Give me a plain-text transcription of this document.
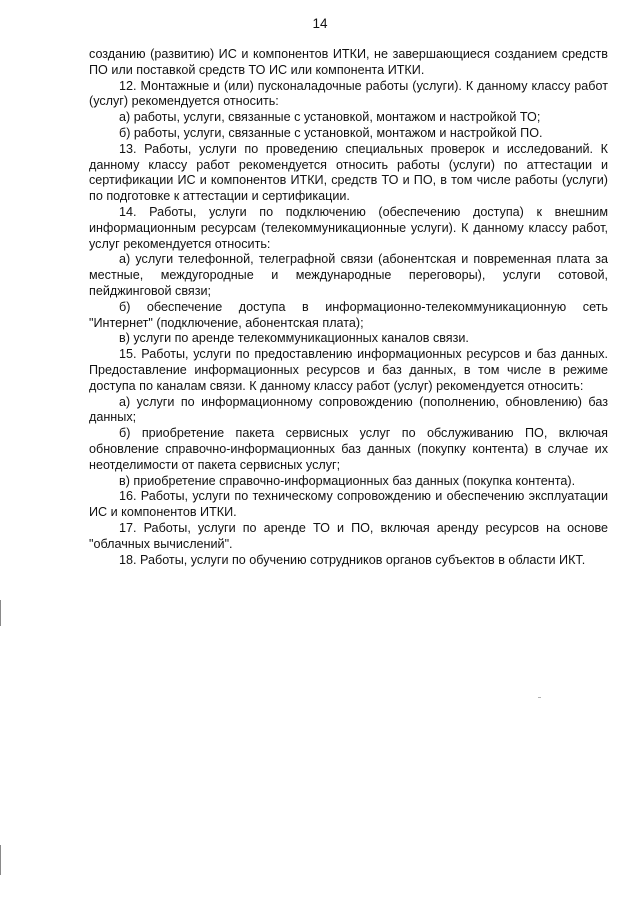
14

созданию (развитию) ИС и компонентов ИТКИ, не завершающиеся созданием средств ПО или поставкой средств ТО ИС или компонента ИТКИ.

12. Монтажные и (или) пусконаладочные работы (услуги). К данному классу работ (услуг) рекомендуется относить:

а) работы, услуги, связанные с установкой, монтажом и настройкой ТО;

б) работы, услуги, связанные с установкой, монтажом и настройкой ПО.

13. Работы, услуги по проведению специальных проверок и исследований. К данному классу работ рекомендуется относить работы (услуги) по аттестации и сертификации ИС и компонентов ИТКИ, средств ТО и ПО, в том числе работы (услуги) по подготовке к аттестации и сертификации.

14. Работы, услуги по подключению (обеспечению доступа) к внешним информационным ресурсам (телекоммуникационные услуги). К данному классу работ, услуг рекомендуется относить:

а) услуги телефонной, телеграфной связи (абонентская и повременная плата за местные, междугородные и международные переговоры), услуги сотовой, пейджинговой связи;

б) обеспечение доступа в информационно-телекоммуникационную сеть "Интернет" (подключение, абонентская плата);

в) услуги по аренде телекоммуникационных каналов связи.

15. Работы, услуги по предоставлению информационных ресурсов и баз данных. Предоставление информационных ресурсов и баз данных, в том числе в режиме доступа по каналам связи. К данному классу работ (услуг) рекомендуется относить:

а) услуги по информационному сопровождению (пополнению, обновлению) баз данных;

б) приобретение пакета сервисных услуг по обслуживанию ПО, включая обновление справочно-информационных баз данных (покупку контента) в случае их неотделимости от пакета сервисных услуг;

в) приобретение справочно-информационных баз данных (покупка контента).

16. Работы, услуги по техническому сопровождению и обеспечению эксплуатации ИС и компонентов ИТКИ.

17. Работы, услуги по аренде ТО и ПО, включая аренду ресурсов на основе "облачных вычислений".

18. Работы, услуги по обучению сотрудников органов субъектов в области ИКТ.
